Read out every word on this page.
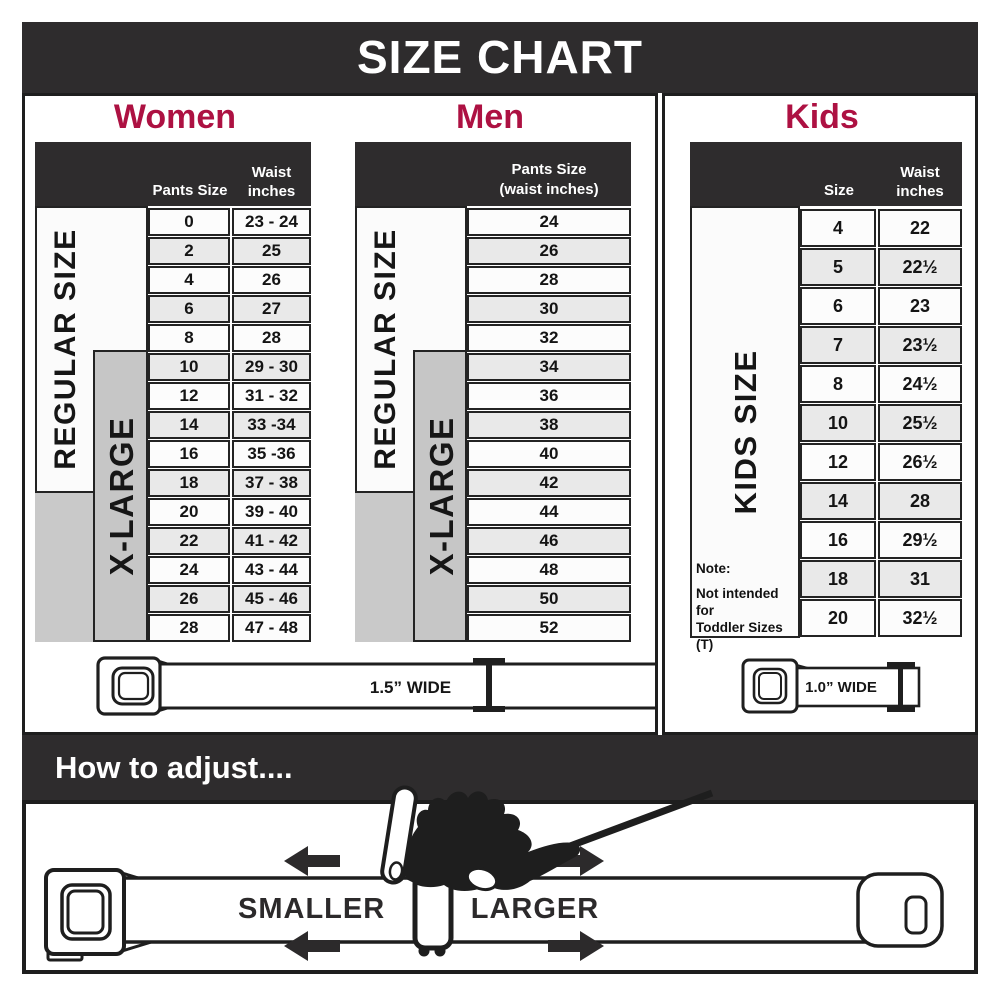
SIZE CHART
Women	Men	Kids
Pants Size
Waist
inches
REGULAR SIZE
X-LARGE
0	23 - 24
2	25
4	26
6	27
8	28
10	29 - 30
12	31 - 32
14	33 -34
16	35 -36
18	37 - 38
20	39 - 40
22	41 - 42
24	43 - 44
26	45 - 46
28	47 - 48
Pants Size
(waist inches)
REGULAR SIZE
X-LARGE
24
26
28
30
32
34
36
38
40
42
44
46
48
50
52
Size
Waist
inches
KIDS SIZE
Note:
Not intended for
Toddler Sizes (T)
4	22
5	22½
6	23
7	23½
8	24½
10	25½
12	26½
14	28
16	29½
18	31
20	32½
1.5” WIDE	1.0” WIDE
How to adjust....
SMALLER	LARGER
